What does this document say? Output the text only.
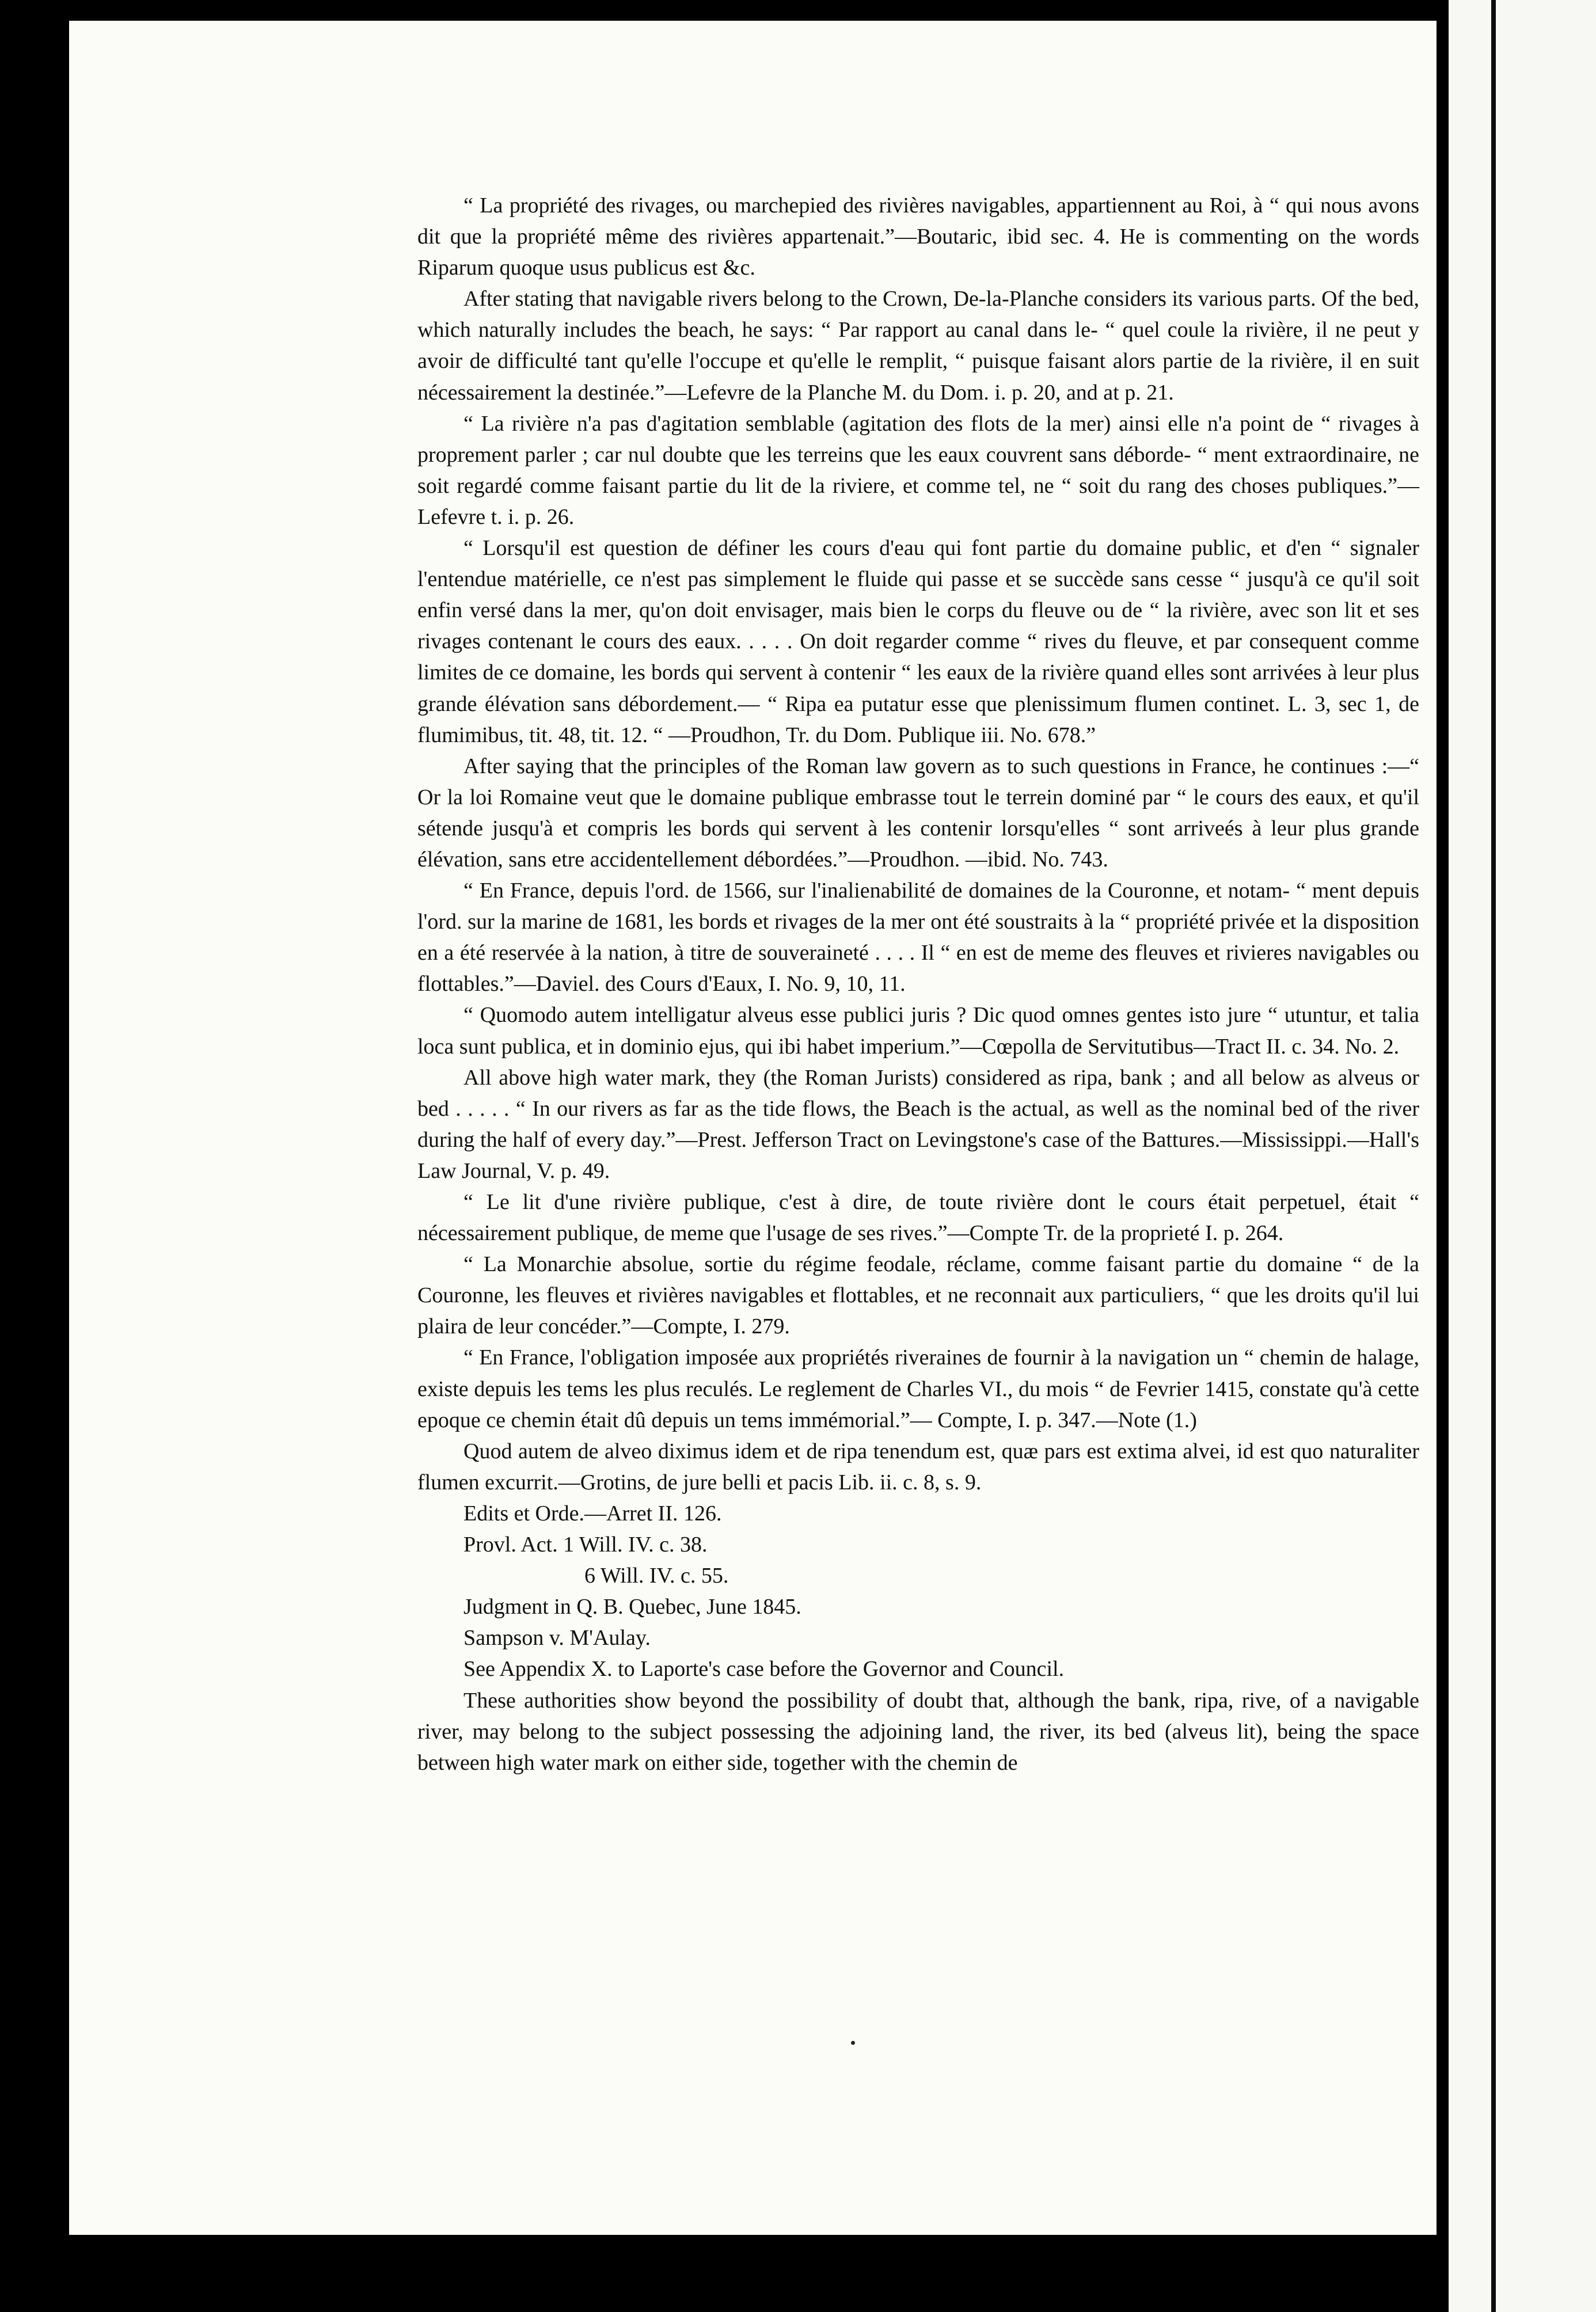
“ La propriété des rivages, ou marchepied des rivières navigables, appartiennent au Roi, à “ qui nous avons dit que la propriété même des rivières appartenait.”—Boutaric, ibid sec. 4. He is commenting on the words Riparum quoque usus publicus est &c.

After stating that navigable rivers belong to the Crown, De-la-Planche considers its various parts. Of the bed, which naturally includes the beach, he says: “ Par rapport au canal dans le- “ quel coule la rivière, il ne peut y avoir de difficulté tant qu'elle l'occupe et qu'elle le remplit, “ puisque faisant alors partie de la rivière, il en suit nécessairement la destinée.”—Lefevre de la Planche M. du Dom. i. p. 20, and at p. 21.

“ La rivière n'a pas d'agitation semblable (agitation des flots de la mer) ainsi elle n'a point de “ rivages à proprement parler ; car nul doubte que les terreins que les eaux couvrent sans déborde- “ ment extraordinaire, ne soit regardé comme faisant partie du lit de la riviere, et comme tel, ne “ soit du rang des choses publiques.”—Lefevre t. i. p. 26.

“ Lorsqu'il est question de définer les cours d'eau qui font partie du domaine public, et d'en “ signaler l'entendue matérielle, ce n'est pas simplement le fluide qui passe et se succède sans cesse “ jusqu'à ce qu'il soit enfin versé dans la mer, qu'on doit envisager, mais bien le corps du fleuve ou de “ la rivière, avec son lit et ses rivages contenant le cours des eaux. . . . . On doit regarder comme “ rives du fleuve, et par consequent comme limites de ce domaine, les bords qui servent à contenir “ les eaux de la rivière quand elles sont arrivées à leur plus grande élévation sans débordement.— “ Ripa ea putatur esse que plenissimum flumen continet. L. 3, sec 1, de flumimibus, tit. 48, tit. 12. “ —Proudhon, Tr. du Dom. Publique iii. No. 678.”

After saying that the principles of the Roman law govern as to such questions in France, he continues :—“ Or la loi Romaine veut que le domaine publique embrasse tout le terrein dominé par “ le cours des eaux, et qu'il sétende jusqu'à et compris les bords qui servent à les contenir lorsqu'elles “ sont arriveés à leur plus grande élévation, sans etre accidentellement débordées.”—Proudhon. —ibid. No. 743.

“ En France, depuis l'ord. de 1566, sur l'inalienabilité de domaines de la Couronne, et notam- “ ment depuis l'ord. sur la marine de 1681, les bords et rivages de la mer ont été soustraits à la “ propriété privée et la disposition en a été reservée à la nation, à titre de souveraineté . . . . Il “ en est de meme des fleuves et rivieres navigables ou flottables.”—Daviel. des Cours d'Eaux, I. No. 9, 10, 11.

“ Quomodo autem intelligatur alveus esse publici juris ? Dic quod omnes gentes isto jure “ utuntur, et talia loca sunt publica, et in dominio ejus, qui ibi habet imperium.”—Cœpolla de Servitutibus—Tract II. c. 34. No. 2.

All above high water mark, they (the Roman Jurists) considered as ripa, bank ; and all below as alveus or bed . . . . . “ In our rivers as far as the tide flows, the Beach is the actual, as well as the nominal bed of the river during the half of every day.”—Prest. Jefferson Tract on Levingstone's case of the Battures.—Mississippi.—Hall's Law Journal, V. p. 49.

“ Le lit d'une rivière publique, c'est à dire, de toute rivière dont le cours était perpetuel, était “ nécessairement publique, de meme que l'usage de ses rives.”—Compte Tr. de la proprieté I. p. 264.

“ La Monarchie absolue, sortie du régime feodale, réclame, comme faisant partie du domaine “ de la Couronne, les fleuves et rivières navigables et flottables, et ne reconnait aux particuliers, “ que les droits qu'il lui plaira de leur concéder.”—Compte, I. 279.

“ En France, l'obligation imposée aux propriétés riveraines de fournir à la navigation un “ chemin de halage, existe depuis les tems les plus reculés. Le reglement de Charles VI., du mois “ de Fevrier 1415, constate qu'à cette epoque ce chemin était dû depuis un tems immémorial.”— Compte, I. p. 347.—Note (1.)

Quod autem de alveo diximus idem et de ripa tenendum est, quæ pars est extima alvei, id est quo naturaliter flumen excurrit.—Grotins, de jure belli et pacis Lib. ii. c. 8, s. 9.

Edits et Orde.—Arret II. 126.

Provl. Act. 1 Will. IV. c. 38.

6 Will. IV. c. 55.

Judgment in Q. B. Quebec, June 1845.

Sampson v. M'Aulay.

See Appendix X. to Laporte's case before the Governor and Council.

These authorities show beyond the possibility of doubt that, although the bank, ripa, rive, of a navigable river, may belong to the subject possessing the adjoining land, the river, its bed (alveus lit), being the space between high water mark on either side, together with the chemin de
